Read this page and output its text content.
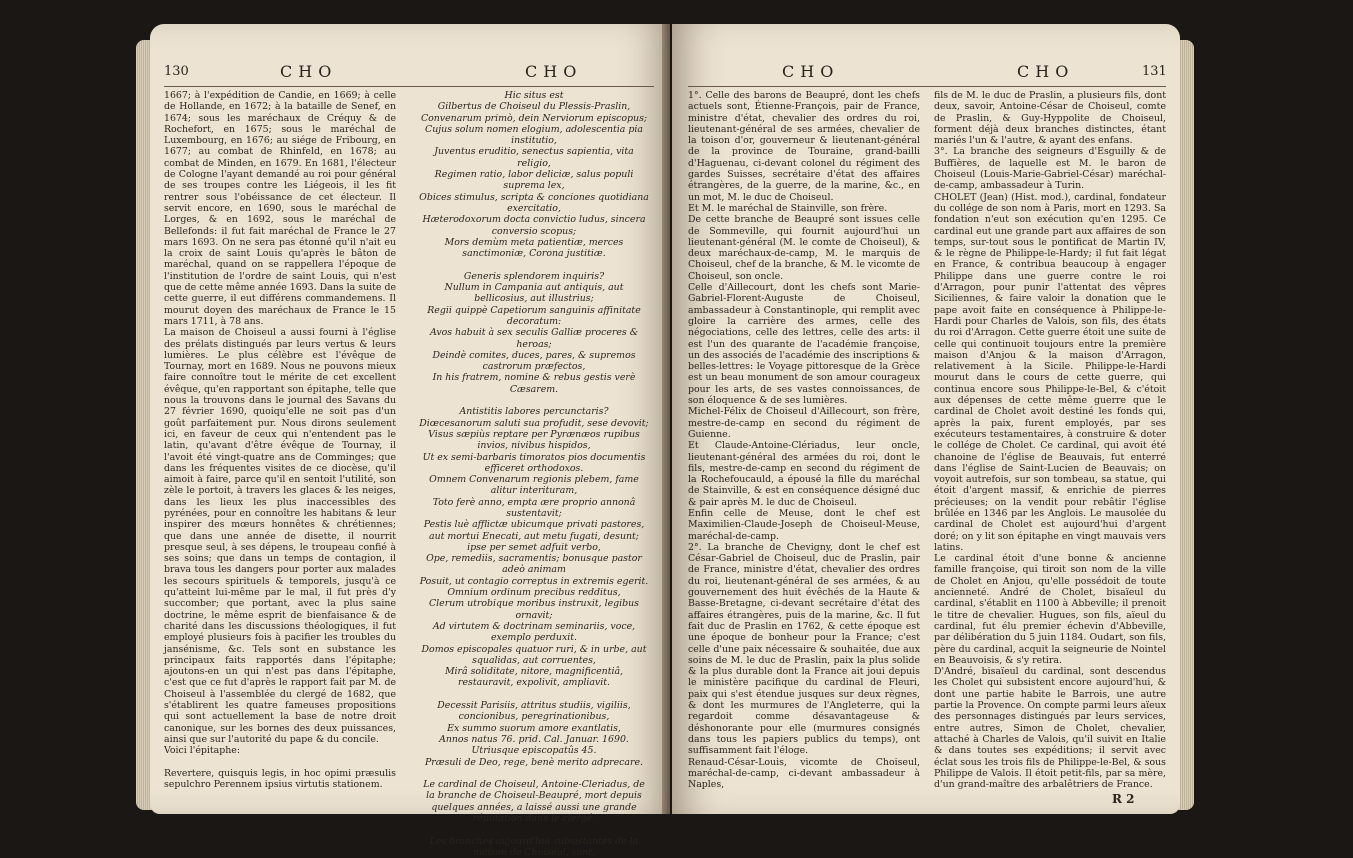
130	CHO	CHO
1667; à l'expédition de Candie, en 1669; à celle de Hollande, en 1672; à la bataille de Senef, en 1674; sous les maréchaux de Créquy & de Rochefort, en 1675; sous le maréchal de Luxembourg, en 1676; au siége de Fribourg, en 1677; au combat de Rhinfeld, en 1678; au combat de Minden, en 1679. En 1681, l'électeur de Cologne l'ayant demandé au roi pour général de ses troupes contre les Liégeois, il les fit rentrer sous l'obéissance de cet électeur. Il servit encore, en 1690, sous le maréchal de Lorges, & en 1692, sous le maréchal de Bellefonds: il fut fait maréchal de France le 27 mars 1693. On ne sera pas étonné qu'il n'ait eu la croix de saint Louis qu'après le bâton de maréchal, quand on se rappellera l'époque de l'institution de l'ordre de saint Louis, qui n'est que de cette même année 1693. Dans la suite de cette guerre, il eut différens commandemens. Il mourut doyen des maréchaux de France le 15 mars 1711, à 78 ans.
La maison de Choiseul a aussi fourni à l'église des prélats distingués par leurs vertus & leurs lumières. Le plus célèbre est l'évêque de Tournay, mort en 1689. Nous ne pouvons mieux faire connoître tout le mérite de cet excellent évêque, qu'en rapportant son épitaphe, telle que nous la trouvons dans le journal des Savans du 27 février 1690, quoiqu'elle ne soit pas d'un goût parfaitement pur. Nous dirons seulement ici, en faveur de ceux qui n'entendent pas le latin, qu'avant d'être évêque de Tournay, il l'avoit été vingt-quatre ans de Comminges; que dans les fréquentes visites de ce diocèse, qu'il aimoit à faire, parce qu'il en sentoit l'utilité, son zèle le portoit, à travers les glaces & les neiges, dans les lieux les plus inaccessibles des pyrénées, pour en connoître les habitans & leur inspirer des mœurs honnêtes & chrétiennes; que dans une année de disette, il nourrit presque seul, à ses dépens, le troupeau confié à ses soins; que dans un temps de contagion, il brava tous les dangers pour porter aux malades les secours spirituels & temporels, jusqu'à ce qu'atteint lui-même par le mal, il fut près d'y succomber; que portant, avec la plus saine doctrine, le même esprit de bienfaisance & de charité dans les discussions théologiques, il fut employé plusieurs fois à pacifier les troubles du jansénisme, &c. Tels sont en substance les principaux faits rapportés dans l'épitaphe; ajoutons-en un qui n'est pas dans l'épitaphe, c'est que ce fut d'après le rapport fait par M. de Choiseul à l'assemblée du clergé de 1682, que s'établirent les quatre fameuses propositions qui sont actuellement la base de notre droit canonique, sur les bornes des deux puissances, ainsi que sur l'autorité du pape & du concile.
Voici l'épitaphe:

Revertere, quisquis legis, in hoc opimi præsulis sepulchro Perennem ipsius virtutis stationem.
Hic situs est
Gilbertus de Choiseul du Plessis-Praslin,
Convenarum primò, dein Nerviorum episcopus;
Cujus solum nomen elogium, adolescentia pia institutio,
Juventus eruditio, senectus sapientia, vita religio,
Regimen ratio, labor deliciæ, salus populi suprema lex,
Obices stimulus, scripta & conciones quotidiana exercitatio,
Hæterodoxorum docta convictio ludus, sincera conversio scopus;
Mors demùm meta patientiæ, merces sanctimoniæ, Corona justitiæ.

Generis splendorem inquiris?
Nullum in Campania aut antiquis, aut bellicosius, aut illustrius;
Regii quippè Capetiorum sanguinis affinitate decoratum:
Avos habuit à sex seculis Galliæ proceres & heroas;
Deindè comites, duces, pares, & supremos castrorum præfectos,
In his fratrem, nomine & rebus gestis verè Cæsarem.

Antistitis labores percunctaris?
Diœcesanorum saluti sua profudit, sese devovit;
Visus sæpiùs reptare per Pyrænæos rupibus invios, nivibus hispidos,
Ut ex semi-barbaris timoratos pios documentis efficeret orthodoxos.
Omnem Convenarum regionis plebem, fame alitur interituram,
Toto ferè anno, empta ære proprio annonâ sustentavit;
Pestis luè afflictæ ubicumque privati pastores, aut mortui Enecati, aut metu fugati, desunt; ipse per semet adfuit verbo,
Ope, remediis, sacramentis; bonusque pastor adeò animam
Posuit, ut contagio correptus in extremis egerit.
Omnium ordinum precibus redditus,
Clerum utrobique moribus instruxit, legibus ornavit;
Ad virtutem & doctrinam seminariis, voce, exemplo perduxit.
Domos episcopales quatuor ruri, & in urbe, aut squalidas, aut corruentes,
Mirâ soliditate, nitore, magnificentiâ, restauravit, expolivit, ampliavit.

Decessit Parisiis, attritus studiis, vigiliis, concionibus, peregrinationibus,
Ex summo suorum amore exantlatis,
Annos natus 76. prid. Cal. Januar. 1690.
Utriusque episcopatûs 45.
Præsuli de Deo, rege, benè merito adprecare.

Le cardinal de Choiseul, Antoine-Cleriadus, de la branche de Choiseul-Beaupré, mort depuis quelques années, a laissé aussi une grande réputation dans le clergé.

Les branches aujourd'hui subsistantes de la maison de Choiseul, sont,
CHO	CHO	131
1°. Celle des barons de Beaupré, dont les chefs actuels sont, Étienne-François, pair de France, ministre d'état, chevalier des ordres du roi, lieutenant-général de ses armées, chevalier de la toison d'or, gouverneur & lieutenant-général de la province de Touraine, grand-bailli d'Haguenau, ci-devant colonel du régiment des gardes Suisses, secrétaire d'état des affaires étrangères, de la guerre, de la marine, &c., en un mot, M. le duc de Choiseul.
Et M. le maréchal de Stainville, son frère.
De cette branche de Beaupré sont issues celle de Sommeville, qui fournit aujourd'hui un lieutenant-général (M. le comte de Choiseul), & deux maréchaux-de-camp, M. le marquis de Choiseul, chef de la branche, & M. le vicomte de Choiseul, son oncle.
Celle d'Aillecourt, dont les chefs sont Marie-Gabriel-Florent-Auguste de Choiseul, ambassadeur à Constantinople, qui remplit avec gloire la carrière des armes, celle des négociations, celle des lettres, celle des arts: il est l'un des quarante de l'académie françoise, un des associés de l'académie des inscriptions & belles-lettres: le Voyage pittoresque de la Grèce est un beau monument de son amour courageux pour les arts, de ses vastes connoissances, de son éloquence & de ses lumières.
Michel-Félix de Choiseul d'Aillecourt, son frère, mestre-de-camp en second du régiment de Guienne.
Et Claude-Antoine-Clériadus, leur oncle, lieutenant-général des armées du roi, dont le fils, mestre-de-camp en second du régiment de la Rochefoucauld, a épousé la fille du maréchal de Stainville, & est en conséquence désigné duc & pair après M. le duc de Choiseul.
Enfin celle de Meuse, dont le chef est Maximilien-Claude-Joseph de Choiseul-Meuse, maréchal-de-camp.
2°. La branche de Chevigny, dont le chef est César-Gabriel de Choiseul, duc de Praslin, pair de France, ministre d'état, chevalier des ordres du roi, lieutenant-général de ses armées, & au gouvernement des huit évêchés de la Haute & Basse-Bretagne, ci-devant secrétaire d'état des affaires étrangères, puis de la marine, &c. Il fut fait duc de Praslin en 1762, & cette époque est une époque de bonheur pour la France; c'est celle d'une paix nécessaire & souhaitée, due aux soins de M. le duc de Praslin, paix la plus solide & la plus durable dont la France ait joui depuis le ministère pacifique du cardinal de Fleuri, paix qui s'est étendue jusques sur deux règnes, & dont les murmures de l'Angleterre, qui la regardoit comme désavantageuse & déshonorante pour elle (murmures consignés dans tous les papiers publics du temps), ont suffisamment fait l'éloge.
Renaud-César-Louis, vicomte de Choiseul, maréchal-de-camp, ci-devant ambassadeur à Naples,
fils de M. le duc de Praslin, a plusieurs fils, dont deux, savoir, Antoine-César de Choiseul, comte de Praslin, & Guy-Hyppolite de Choiseul, forment déjà deux branches distinctes, étant mariés l'un & l'autre, & ayant des enfans.
3°. La branche des seigneurs d'Esguilly & de Buffières, de laquelle est M. le baron de Choiseul (Louis-Marie-Gabriel-César) maréchal-de-camp, ambassadeur à Turin.
CHOLET (Jean) (Hist. mod.), cardinal, fondateur du collége de son nom à Paris, mort en 1293. Sa fondation n'eut son exécution qu'en 1295. Ce cardinal eut une grande part aux affaires de son temps, sur-tout sous le pontificat de Martin IV, & le règne de Philippe-le-Hardy; il fut fait légat en France, & contribua beaucoup à engager Philippe dans une guerre contre le roi d'Arragon, pour punir l'attentat des vêpres Siciliennes, & faire valoir la donation que le pape avoit faite en conséquence à Philippe-le-Hardi pour Charles de Valois, son fils, des états du roi d'Arragon. Cette guerre étoit une suite de celle qui continuoit toujours entre la première maison d'Anjou & la maison d'Arragon, relativement à la Sicile. Philippe-le-Hardi mourut dans le cours de cette guerre, qui continua encore sous Philippe-le-Bel, & c'étoit aux dépenses de cette même guerre que le cardinal de Cholet avoit destiné les fonds qui, après la paix, furent employés, par ses exécuteurs testamentaires, à construire & doter le collége de Cholet. Ce cardinal, qui avoit été chanoine de l'église de Beauvais, fut enterré dans l'église de Saint-Lucien de Beauvais; on voyoit autrefois, sur son tombeau, sa statue, qui étoit d'argent massif, & enrichie de pierres précieuses; on la vendit pour rebâtir l'église brûlée en 1346 par les Anglois. Le mausolée du cardinal de Cholet est aujourd'hui d'argent doré; on y lit son épitaphe en vingt mauvais vers latins.
Le cardinal étoit d'une bonne & ancienne famille françoise, qui tiroit son nom de la ville de Cholet en Anjou, qu'elle possédoit de toute ancienneté. André de Cholet, bisaïeul du cardinal, s'établit en 1100 à Abbeville; il prenoit le titre de chevalier. Hugues, son fils, aïeul du cardinal, fut élu premier échevin d'Abbeville, par délibération du 5 juin 1184. Oudart, son fils, père du cardinal, acquit la seigneurie de Nointel en Beauvoisis, & s'y retira.
D'André, bisaïeul du cardinal, sont descendus les Cholet qui subsistent encore aujourd'hui, & dont une partie habite le Barrois, une autre partie la Provence. On compte parmi leurs aïeux des personnages distingués par leurs services, entre autres, Simon de Cholet, chevalier, attaché à Charles de Valois, qu'il suivit en Italie & dans toutes ses expéditions; il servit avec éclat sous les trois fils de Philippe-le-Bel, & sous Philippe de Valois. Il étoit petit-fils, par sa mère, d'un grand-maître des arbalêtriers de France.
R 2
